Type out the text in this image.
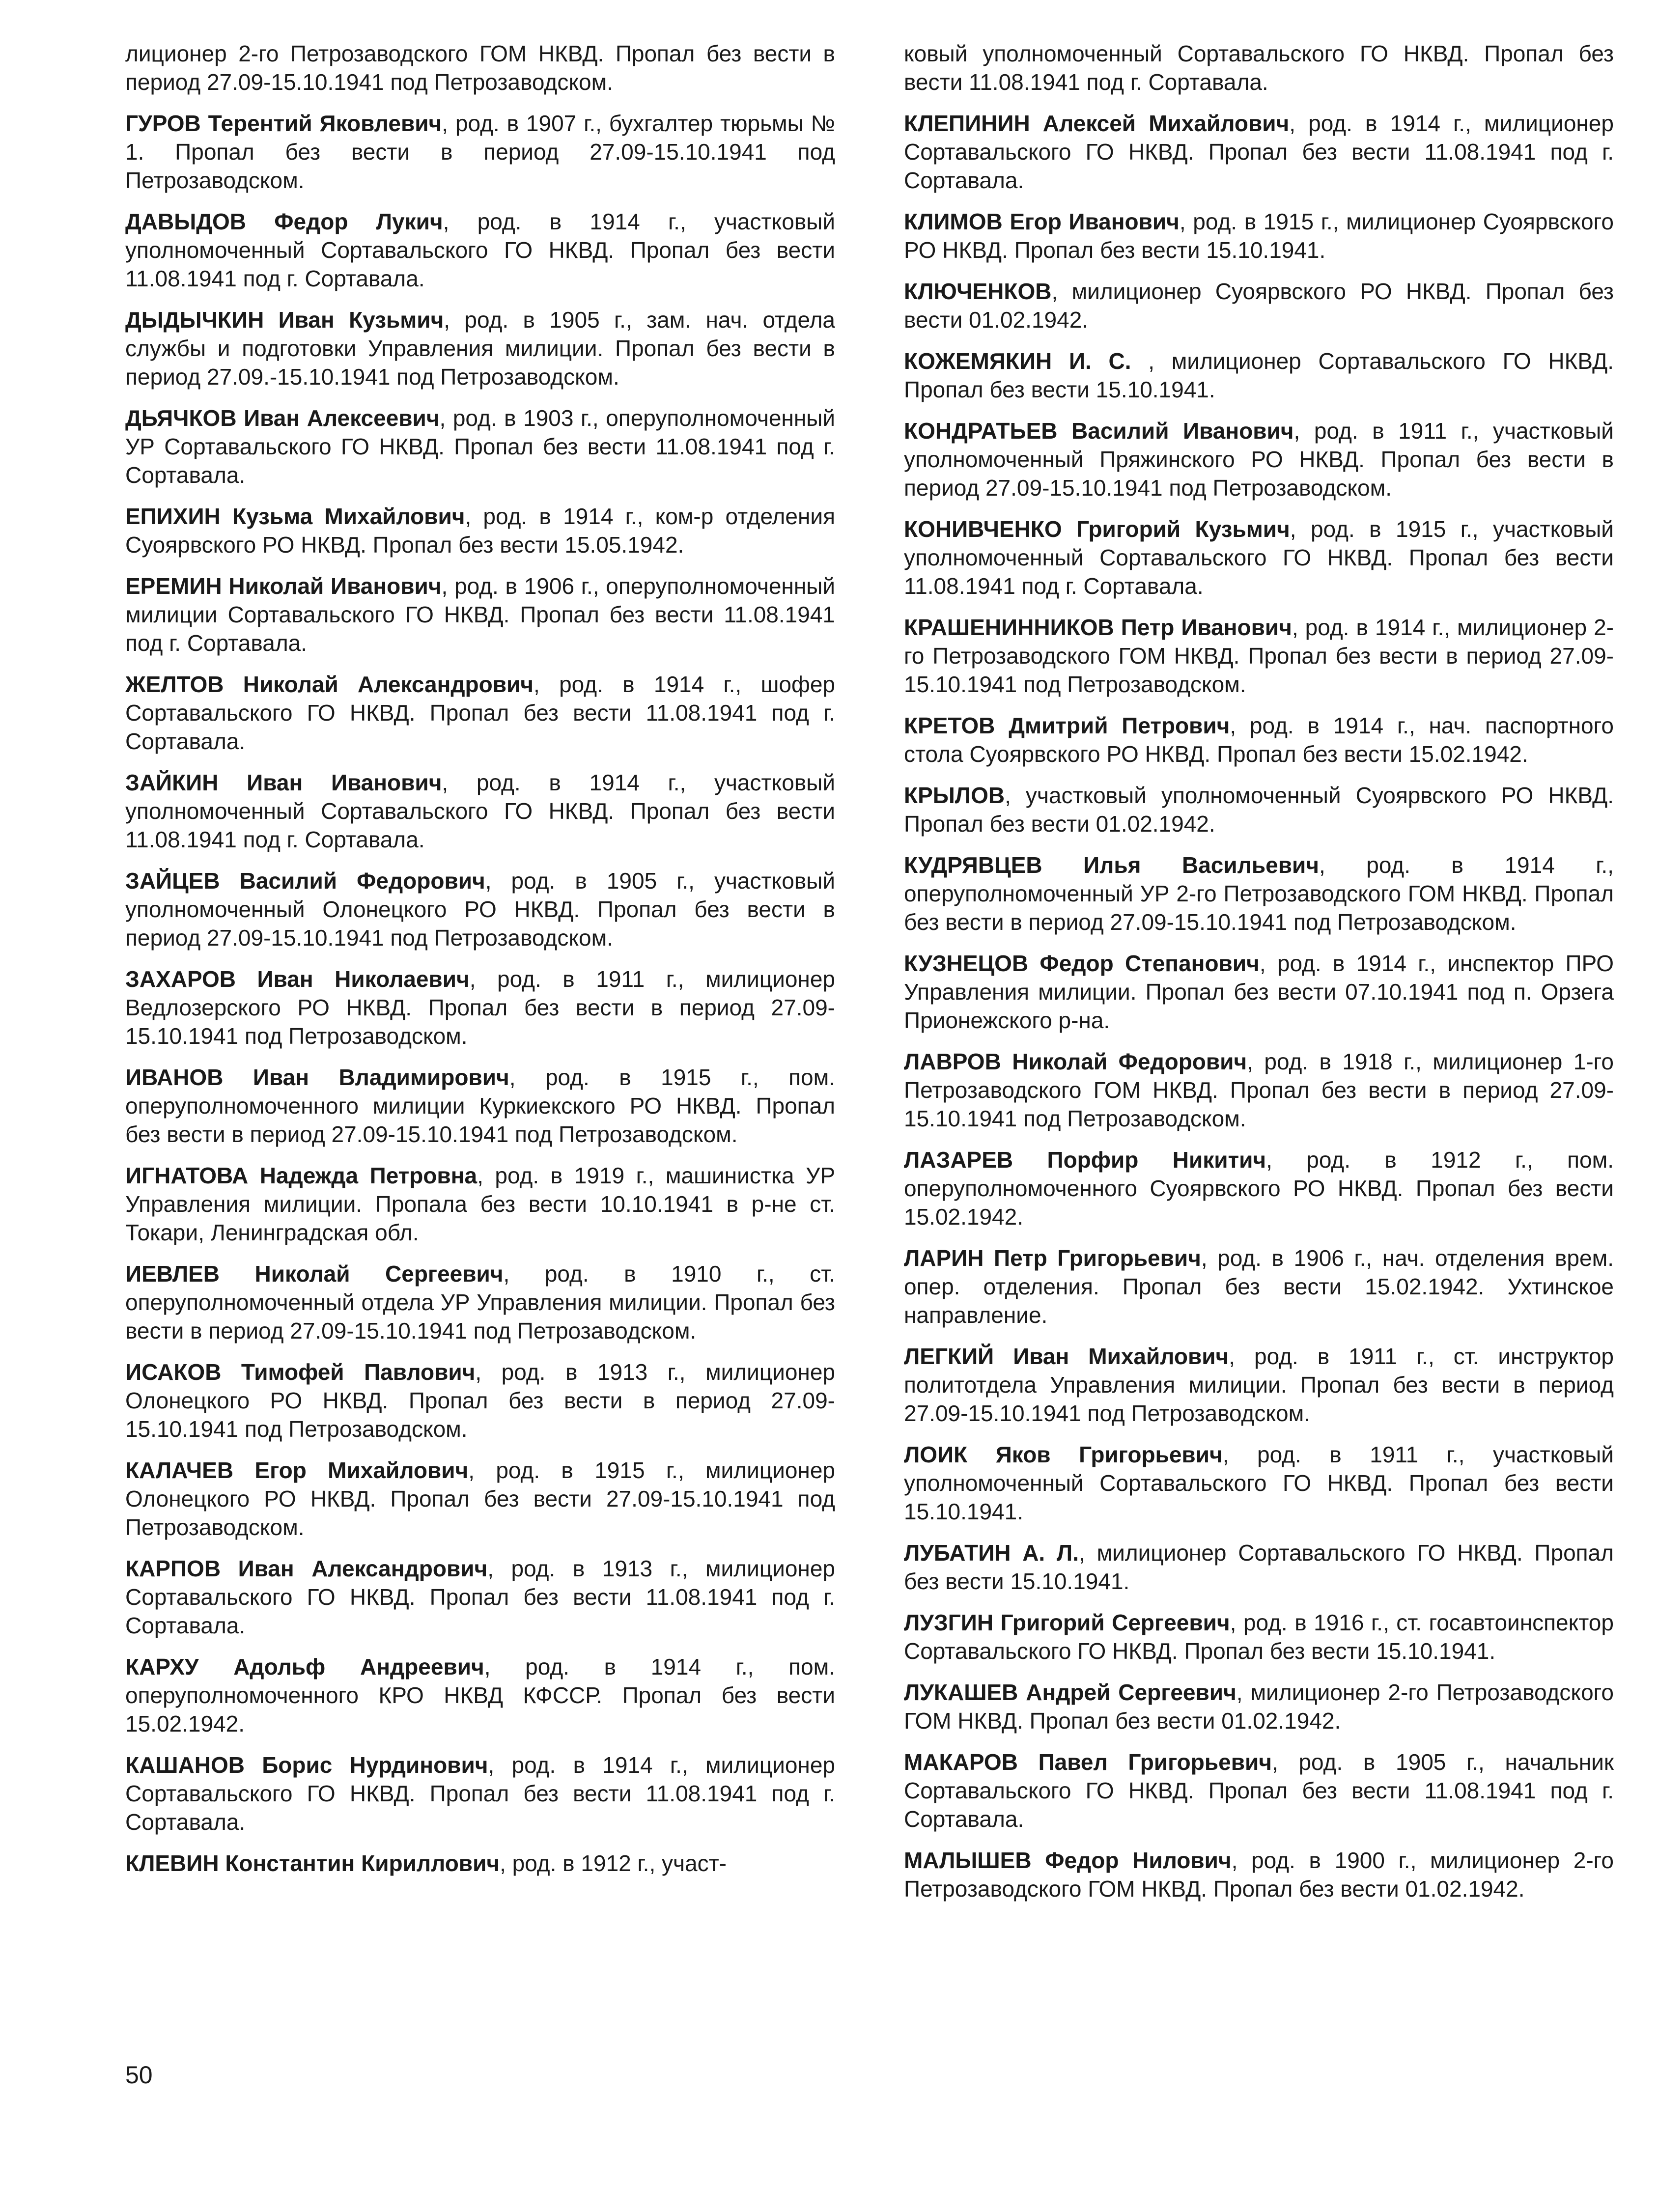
лиционер 2-го Петрозаводского ГОМ НКВД. Пропал без вести в период 27.09-15.10.1941 под Петрозаводском.

ГУРОВ Терентий Яковлевич, род. в 1907 г., бухгалтер тюрьмы № 1. Пропал без вести в период 27.09-15.10.1941 под Петрозаводском.

ДАВЫДОВ Федор Лукич, род. в 1914 г., участковый уполномоченный Сортавальского ГО НКВД. Пропал без вести 11.08.1941 под г. Сортавала.

ДЫДЫЧКИН Иван Кузьмич, род. в 1905 г., зам. нач. отдела службы и подготовки Управления милиции. Пропал без вести в период 27.09.-15.10.1941 под Петрозаводском.

ДЬЯЧКОВ Иван Алексеевич, род. в 1903 г., оперуполномоченный УР Сортавальского ГО НКВД. Пропал без вести 11.08.1941 под г. Сортавала.

ЕПИХИН Кузьма Михайлович, род. в 1914 г., ком-р отделения Суоярвского РО НКВД. Пропал без вести 15.05.1942.

ЕРЕМИН Николай Иванович, род. в 1906 г., оперуполномоченный милиции Сортавальского ГО НКВД. Пропал без вести 11.08.1941 под г. Сортавала.

ЖЕЛТОВ Николай Александрович, род. в 1914 г., шофер Сортавальского ГО НКВД. Пропал без вести 11.08.1941 под г. Сортавала.

ЗАЙКИН Иван Иванович, род. в 1914 г., участковый уполномоченный Сортавальского ГО НКВД. Пропал без вести 11.08.1941 под г. Сортавала.

ЗАЙЦЕВ Василий Федорович, род. в 1905 г., участковый уполномоченный Олонецкого РО НКВД. Пропал без вести в период 27.09-15.10.1941 под Петрозаводском.

ЗАХАРОВ Иван Николаевич, род. в 1911 г., милиционер Ведлозерского РО НКВД. Пропал без вести в период 27.09-15.10.1941 под Петрозаводском.

ИВАНОВ Иван Владимирович, род. в 1915 г., пом. оперуполномоченного милиции Куркиекского РО НКВД. Пропал без вести в период 27.09-15.10.1941 под Петрозаводском.

ИГНАТОВА Надежда Петровна, род. в 1919 г., машинистка УР Управления милиции. Пропала без вести 10.10.1941 в р-не ст. Токари, Ленинградская обл.

ИЕВЛЕВ Николай Сергеевич, род. в 1910 г., ст. оперуполномоченный отдела УР Управления милиции. Пропал без вести в период 27.09-15.10.1941 под Петрозаводском.

ИСАКОВ Тимофей Павлович, род. в 1913 г., милиционер Олонецкого РО НКВД. Пропал без вести в период 27.09-15.10.1941 под Петрозаводском.

КАЛАЧЕВ Егор Михайлович, род. в 1915 г., милиционер Олонецкого РО НКВД. Пропал без вести 27.09-15.10.1941 под Петрозаводском.

КАРПОВ Иван Александрович, род. в 1913 г., милиционер Сортавальского ГО НКВД. Пропал без вести 11.08.1941 под г. Сортавала.

КАРХУ Адольф Андреевич, род. в 1914 г., пом. оперуполномоченного КРО НКВД КФССР. Пропал без вести 15.02.1942.

КАШАНОВ Борис Нурдинович, род. в 1914 г., милиционер Сортавальского ГО НКВД. Пропал без вести 11.08.1941 под г. Сортавала.

КЛЕВИН Константин Кириллович, род. в 1912 г., участ-

ковый уполномоченный Сортавальского ГО НКВД. Пропал без вести 11.08.1941 под г. Сортавала.

КЛЕПИНИН Алексей Михайлович, род. в 1914 г., милиционер Сортавальского ГО НКВД. Пропал без вести 11.08.1941 под г. Сортавала.

КЛИМОВ Егор Иванович, род. в 1915 г., милиционер Суоярвского РО НКВД. Пропал без вести 15.10.1941.

КЛЮЧЕНКОВ, милиционер Суоярвского РО НКВД. Пропал без вести 01.02.1942.

КОЖЕМЯКИН И. С. , милиционер Сортавальского ГО НКВД. Пропал без вести 15.10.1941.

КОНДРАТЬЕВ Василий Иванович, род. в 1911 г., участковый уполномоченный Пряжинского РО НКВД. Пропал без вести в период 27.09-15.10.1941 под Петрозаводском.

КОНИВЧЕНКО Григорий Кузьмич, род. в 1915 г., участковый уполномоченный Сортавальского ГО НКВД. Пропал без вести 11.08.1941 под г. Сортавала.

КРАШЕНИННИКОВ Петр Иванович, род. в 1914 г., милиционер 2-го Петрозаводского ГОМ НКВД. Пропал без вести в период 27.09-15.10.1941 под Петрозаводском.

КРЕТОВ Дмитрий Петрович, род. в 1914 г., нач. паспортного стола Суоярвского РО НКВД. Пропал без вести 15.02.1942.

КРЫЛОВ, участковый уполномоченный Суоярвского РО НКВД. Пропал без вести 01.02.1942.

КУДРЯВЦЕВ Илья Васильевич, род. в 1914 г., оперуполномоченный УР 2-го Петрозаводского ГОМ НКВД. Пропал без вести в период 27.09-15.10.1941 под Петрозаводском.

КУЗНЕЦОВ Федор Степанович, род. в 1914 г., инспектор ПРО Управления милиции. Пропал без вести 07.10.1941 под п. Орзега Прионежского р-на.

ЛАВРОВ Николай Федорович, род. в 1918 г., милиционер 1-го Петрозаводского ГОМ НКВД. Пропал без вести в период 27.09-15.10.1941 под Петрозаводском.

ЛАЗАРЕВ Порфир Никитич, род. в 1912 г., пом. оперуполномоченного Суоярвского РО НКВД. Пропал без вести 15.02.1942.

ЛАРИН Петр Григорьевич, род. в 1906 г., нач. отделения врем. опер. отделения. Пропал без вести 15.02.1942. Ухтинское направление.

ЛЕГКИЙ Иван Михайлович, род. в 1911 г., ст. инструктор политотдела Управления милиции. Пропал без вести в период 27.09-15.10.1941 под Петрозаводском.

ЛОИК Яков Григорьевич, род. в 1911 г., участковый уполномоченный Сортавальского ГО НКВД. Пропал без вести 15.10.1941.

ЛУБАТИН А. Л., милиционер Сортавальского ГО НКВД. Пропал без вести 15.10.1941.

ЛУЗГИН Григорий Сергеевич, род. в 1916 г., ст. госавтоинспектор Сортавальского ГО НКВД. Пропал без вести 15.10.1941.

ЛУКАШЕВ Андрей Сергеевич, милиционер 2-го Петрозаводского ГОМ НКВД. Пропал без вести 01.02.1942.

МАКАРОВ Павел Григорьевич, род. в 1905 г., начальник Сортавальского ГО НКВД. Пропал без вести 11.08.1941 под г. Сортавала.

МАЛЫШЕВ Федор Нилович, род. в 1900 г., милиционер 2-го Петрозаводского ГОМ НКВД. Пропал без вести 01.02.1942.

50
